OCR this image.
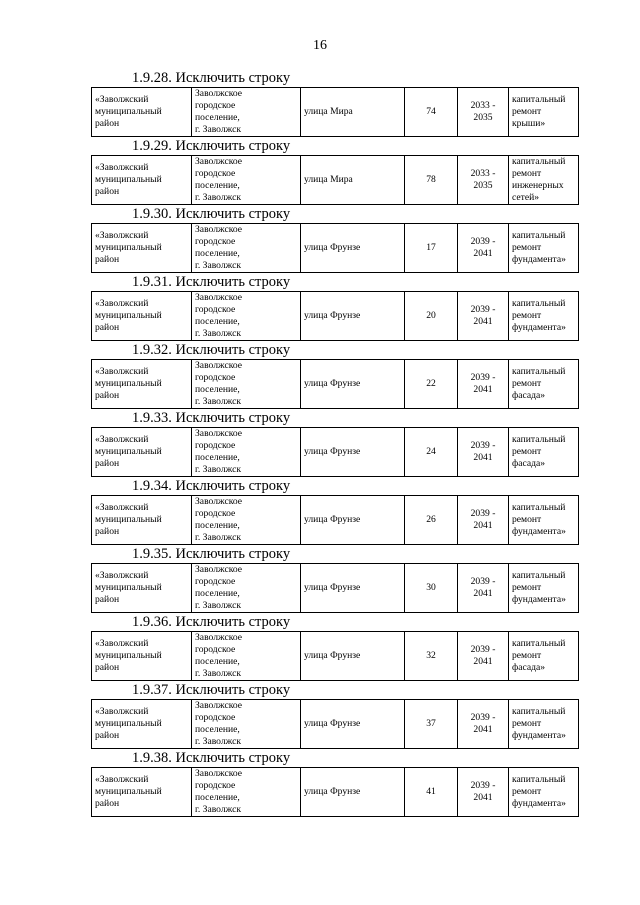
16
1.9.28. Исключить строку
«Заволжский муниципальный район	Заволжское
городское
поселение,
г. Заволжск	улица Мира	74	2033 -
2035	капитальный ремонт крыши»
1.9.29. Исключить строку
«Заволжский муниципальный район	Заволжское
городское
поселение,
г. Заволжск	улица Мира	78	2033 -
2035	капитальный ремонт инженерных сетей»
1.9.30. Исключить строку
«Заволжский муниципальный район	Заволжское
городское
поселение,
г. Заволжск	улица Фрунзе	17	2039 -
2041	капитальный ремонт фундамента»
1.9.31. Исключить строку
«Заволжский муниципальный район	Заволжское
городское
поселение,
г. Заволжск	улица Фрунзе	20	2039 -
2041	капитальный ремонт фундамента»
1.9.32. Исключить строку
«Заволжский муниципальный район	Заволжское
городское
поселение,
г. Заволжск	улица Фрунзе	22	2039 -
2041	капитальный ремонт фасада»
1.9.33. Исключить строку
«Заволжский муниципальный район	Заволжское
городское
поселение,
г. Заволжск	улица Фрунзе	24	2039 -
2041	капитальный ремонт фасада»
1.9.34. Исключить строку
«Заволжский муниципальный район	Заволжское
городское
поселение,
г. Заволжск	улица Фрунзе	26	2039 -
2041	капитальный ремонт фундамента»
1.9.35. Исключить строку
«Заволжский муниципальный район	Заволжское
городское
поселение,
г. Заволжск	улица Фрунзе	30	2039 -
2041	капитальный ремонт фундамента»
1.9.36. Исключить строку
«Заволжский муниципальный район	Заволжское
городское
поселение,
г. Заволжск	улица Фрунзе	32	2039 -
2041	капитальный ремонт фасада»
1.9.37. Исключить строку
«Заволжский муниципальный район	Заволжское
городское
поселение,
г. Заволжск	улица Фрунзе	37	2039 -
2041	капитальный ремонт фундамента»
1.9.38. Исключить строку
«Заволжский муниципальный район	Заволжское
городское
поселение,
г. Заволжск	улица Фрунзе	41	2039 -
2041	капитальный ремонт фундамента»
